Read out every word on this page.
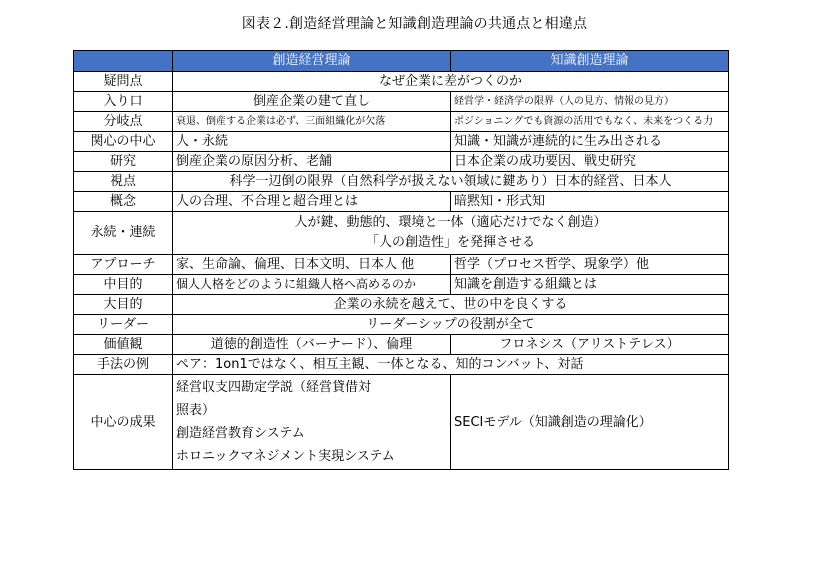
図表２.創造経営理論と知識創造理論の共通点と相違点
	創造経営理論	知識創造理論
疑問点	なぜ企業に差がつくのか	
入り口	倒産企業の建て直し	経営学・経済学の限界（人の見方、情報の見方）
分岐点	衰退、倒産する企業は必ず、三面組織化が欠落	ポジショニングでも資源の活用でもなく、未来をつくる力
関心の中心	人・永続	知識・知識が連続的に生み出される
研究	倒産企業の原因分析、老舗	日本企業の成功要因、戦史研究
視点	科学一辺倒の限界（自然科学が扱えない領域に鍵あり）日本的経営、日本人	
概念	人の合理、不合理と超合理とは	暗黙知・形式知
永続・連続	人が鍵、動態的、環境と一体（適応だけでなく創造）
「人の創造性」を発揮させる	

アプローチ	家、生命論、倫理、日本文明、日本人 他	哲学（プロセス哲学、現象学）他
中目的	個人人格をどのように組織人格へ高めるのか	知識を創造する組織とは
大目的	企業の永続を越えて、世の中を良くする	
リーダー	リーダーシップの役割が全て	
価値観	道徳的創造性（バーナード）、倫理	フロネシス（アリストテレス）
手法の例	ペア：1on1ではなく、相互主観、一体となる、知的コンバット、対話	
中心の成果	経営収支四勘定学説（経営貸借対
照表）
創造経営教育システム
ホロニックマネジメント実現システム	SECIモデル（知識創造の理論化）
